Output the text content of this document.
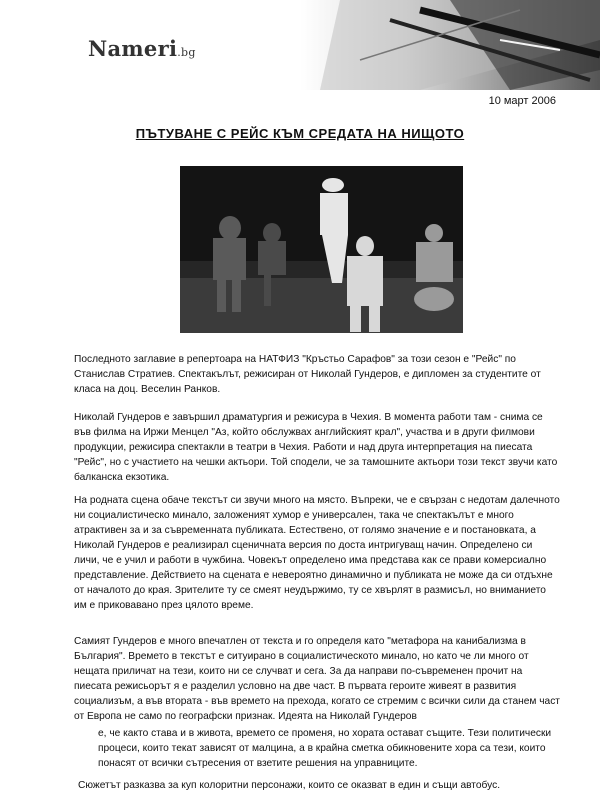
Nameri.bg
10 март 2006
ПЪТУВАНЕ С РЕЙС КЪМ СРЕДАТА НА НИЩОТО
Последното заглавие в репертоара на НАТФИЗ "Кръстьо Сарафов" за този сезон е "Рейс" по Станислав Стратиев. Спектакълът, режисиран от Николай Гундеров, е дипломен за студентите от класа на доц. Веселин Ранков.
Николай Гундеров е завършил драматургия и режисура в Чехия. В момента работи там - снима се във филма на Иржи Менцел "Аз, който обслужвах английският крал", участва и в други филмови продукции, режисира спектакли в театри в Чехия. Работи и над друга интерпретация на пиесата "Рейс", но с участието на чешки актьори. Той сподели, че за тамошните актьори този текст звучи като балканска екзотика.
На родната сцена обаче текстът си звучи много на място. Въпреки, че е свързан с недотам далечното ни социалистическо минало, заложеният хумор е универсален, така че спектакълът е много атрактивен за и за съвременната публиката. Естествено, от голямо значение е и постановката, а Николай Гундеров е реализирал сценичната версия по доста интригуващ начин. Определено си личи, че е учил и работи в чужбина. Човекът определено има представа как се прави комерсиално представление. Действието на сцената е невероятно динамично и публиката не може да си отдъхне от началото до края. Зрителите ту се смеят неудържимо, ту се хвърлят в размисъл, но вниманието им е приковавано през цялото време.
Самият Гундеров е много впечатлен от текста и го определя като "метафора на канибализма в България". Времето в текстът е ситуирано в социалистическото минало, но като че ли много от нещата приличат на тези, които ни се случват и сега. За да направи по-съвременен прочит на пиесата режисьорът я е разделил условно на две част. В първата героите живеят в развития социализъм, а във втората - във времето на прехода, когато се стремим с всички сили да станем част от Европа не само по географски признак. Идеята на Николай Гундеров
е, че както става и в живота, времето се променя, но хората остават същите. Тези политически процеси, които текат зависят от малцина, а в крайна сметка обикновените хора са тези, които понасят от всички сътресения от взетите решения на управниците.
Сюжетът разказва за куп колоритни персонажи, които се оказват в един и същи автобус.
